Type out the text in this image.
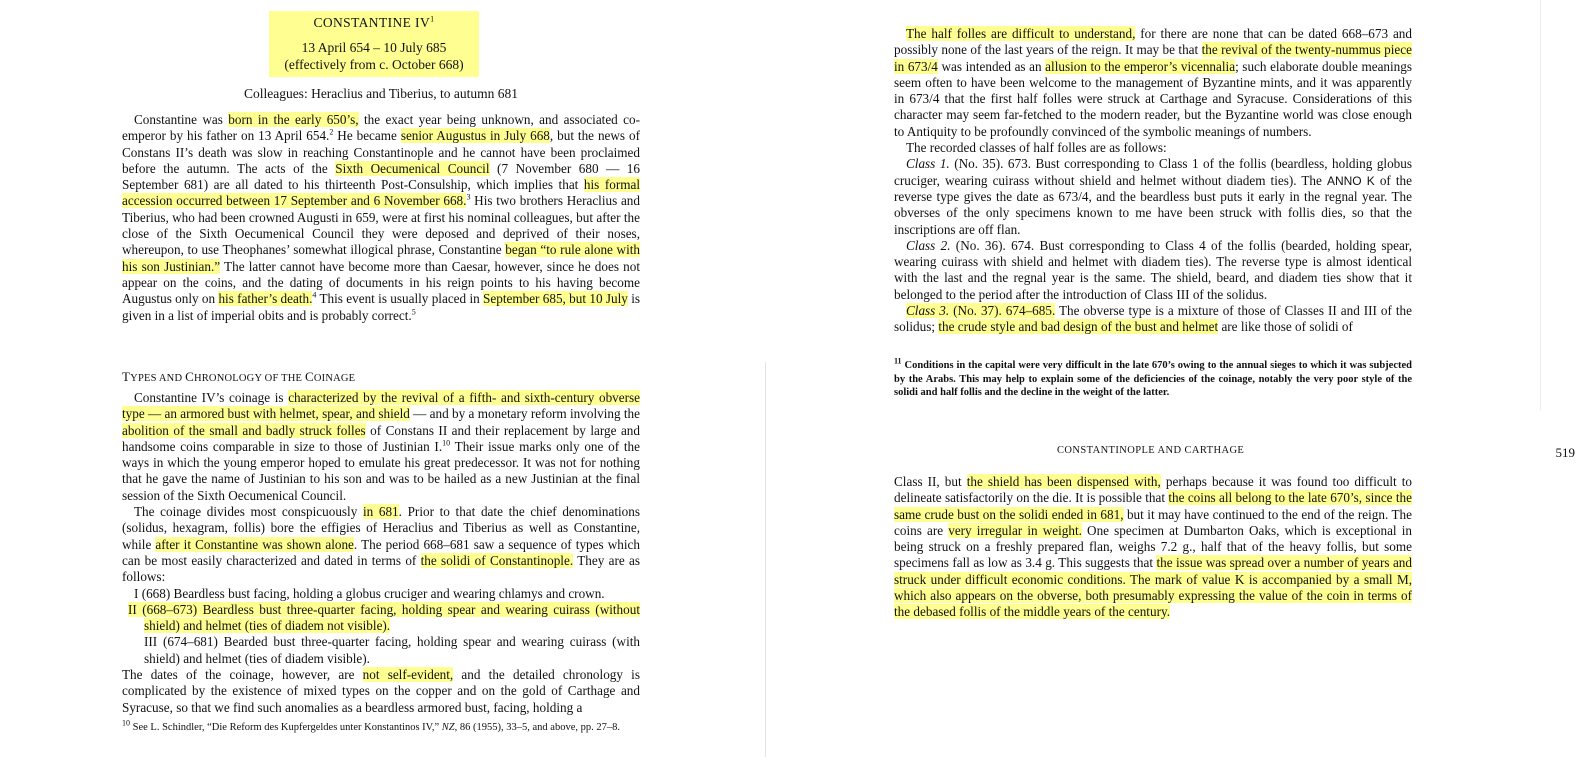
CONSTANTINE $IV^1$
13 April 654 – 10 July 685
(effectively from c. October 668)
Colleagues: Heraclius and Tiberius, to autumn 681

Constantine was born in the early 650’s, the exact year being unknown, and associated co-emperor by his father on 13 April 654.$^2$ He became senior Augustus in July 668, but the news of Constans II’s death was slow in reaching Constantinople and he cannot have been proclaimed before the autumn. The acts of the Sixth Oecumenical Council (7 November 680 — 16 September 681) are all dated to his thirteenth Post-Consulship, which implies that his formal accession occurred between 17 September and 6 November 668.$^3$ His two brothers Heraclius and Tiberius, who had been crowned Augusti in 659, were at first his nominal colleagues, but after the close of the Sixth Oecumenical Council they were deposed and deprived of their noses, whereupon, to use Theophanes’ somewhat illogical phrase, Constantine began “to rule alone with his son Justinian.” The latter cannot have become more than Caesar, however, since he does not appear on the coins, and the dating of documents in his reign points to his having become Augustus only on his father’s death.$^4$ This event is usually placed in September 685, but 10 July is given in a list of imperial obits and is probably correct.$^5$

TYPES AND CHRONOLOGY OF THE COINAGE

Constantine IV’s coinage is characterized by the revival of a fifth- and sixth-century obverse type — an armored bust with helmet, spear, and shield — and by a monetary reform involving the abolition of the small and badly struck folles of Constans II and their replacement by large and handsome coins comparable in size to those of Justinian I.$^{10}$ Their issue marks only one of the ways in which the young emperor hoped to emulate his great predecessor. It was not for nothing that he gave the name of Justinian to his son and was to be hailed as a new Justinian at the final session of the Sixth Oecumenical Council.

The coinage divides most conspicuously in 681. Prior to that date the chief denominations (solidus, hexagram, follis) bore the effigies of Heraclius and Tiberius as well as Constantine, while after it Constantine was shown alone. The period 668–681 saw a sequence of types which can be most easily characterized and dated in terms of the solidi of Constantinople. They are as follows:

I (668) Beardless bust facing, holding a globus cruciger and wearing chlamys and crown.

II (668–673) Beardless bust three-quarter facing, holding spear and wearing cuirass (without shield) and helmet (ties of diadem not visible).

III (674–681) Bearded bust three-quarter facing, holding spear and wearing cuirass (with shield) and helmet (ties of diadem visible).

The dates of the coinage, however, are not self-evident, and the detailed chronology is complicated by the existence of mixed types on the copper and on the gold of Carthage and Syracuse, so that we find such anomalies as a beardless armored bust, facing, holding a

$^{10}$ See L. Schindler, “Die Reform des Kupfergeldes unter Konstantinos IV,” NZ, 86 (1955), 33–5, and above, pp. 27–8.

The half folles are difficult to understand, for there are none that can be dated 668–673 and possibly none of the last years of the reign. It may be that the revival of the twenty-nummus piece in 673/4 was intended as an allusion to the emperor’s vicennalia; such elaborate double meanings seem often to have been welcome to the management of Byzantine mints, and it was apparently in 673/4 that the first half folles were struck at Carthage and Syracuse. Considerations of this character may seem far-fetched to the modern reader, but the Byzantine world was close enough to Antiquity to be profoundly convinced of the symbolic meanings of numbers.

The recorded classes of half folles are as follows:

Class 1. (No. 35). 673. Bust corresponding to Class 1 of the follis (beardless, holding globus cruciger, wearing cuirass without shield and helmet without diadem ties). The ANNO K of the reverse type gives the date as 673/4, and the beardless bust puts it early in the regnal year. The obverses of the only specimens known to me have been struck with follis dies, so that the inscriptions are off flan.

Class 2. (No. 36). 674. Bust corresponding to Class 4 of the follis (bearded, holding spear, wearing cuirass with shield and helmet with diadem ties). The reverse type is almost identical with the last and the regnal year is the same. The shield, beard, and diadem ties show that it belonged to the period after the introduction of Class III of the solidus.

Class 3. (No. 37). 674–685. The obverse type is a mixture of those of Classes II and III of the solidus; the crude style and bad design of the bust and helmet are like those of solidi of

$^{11}$ Conditions in the capital were very difficult in the late 670’s owing to the annual sieges to which it was subjected by the Arabs. This may help to explain some of the deficiencies of the coinage, notably the very poor style of the solidi and half follis and the decline in the weight of the latter.
CONSTANTINOPLE AND CARTHAGE	519

Class II, but the shield has been dispensed with, perhaps because it was found too difficult to delineate satisfactorily on the die. It is possible that the coins all belong to the late 670’s, since the same crude bust on the solidi ended in 681, but it may have continued to the end of the reign. The coins are very irregular in weight. One specimen at Dumbarton Oaks, which is exceptional in being struck on a freshly prepared flan, weighs 7.2 g., half that of the heavy follis, but some specimens fall as low as 3.4 g. This suggests that the issue was spread over a number of years and struck under difficult economic conditions. The mark of value K is accompanied by a small M, which also appears on the obverse, both presumably expressing the value of the coin in terms of the debased follis of the middle years of the century.
